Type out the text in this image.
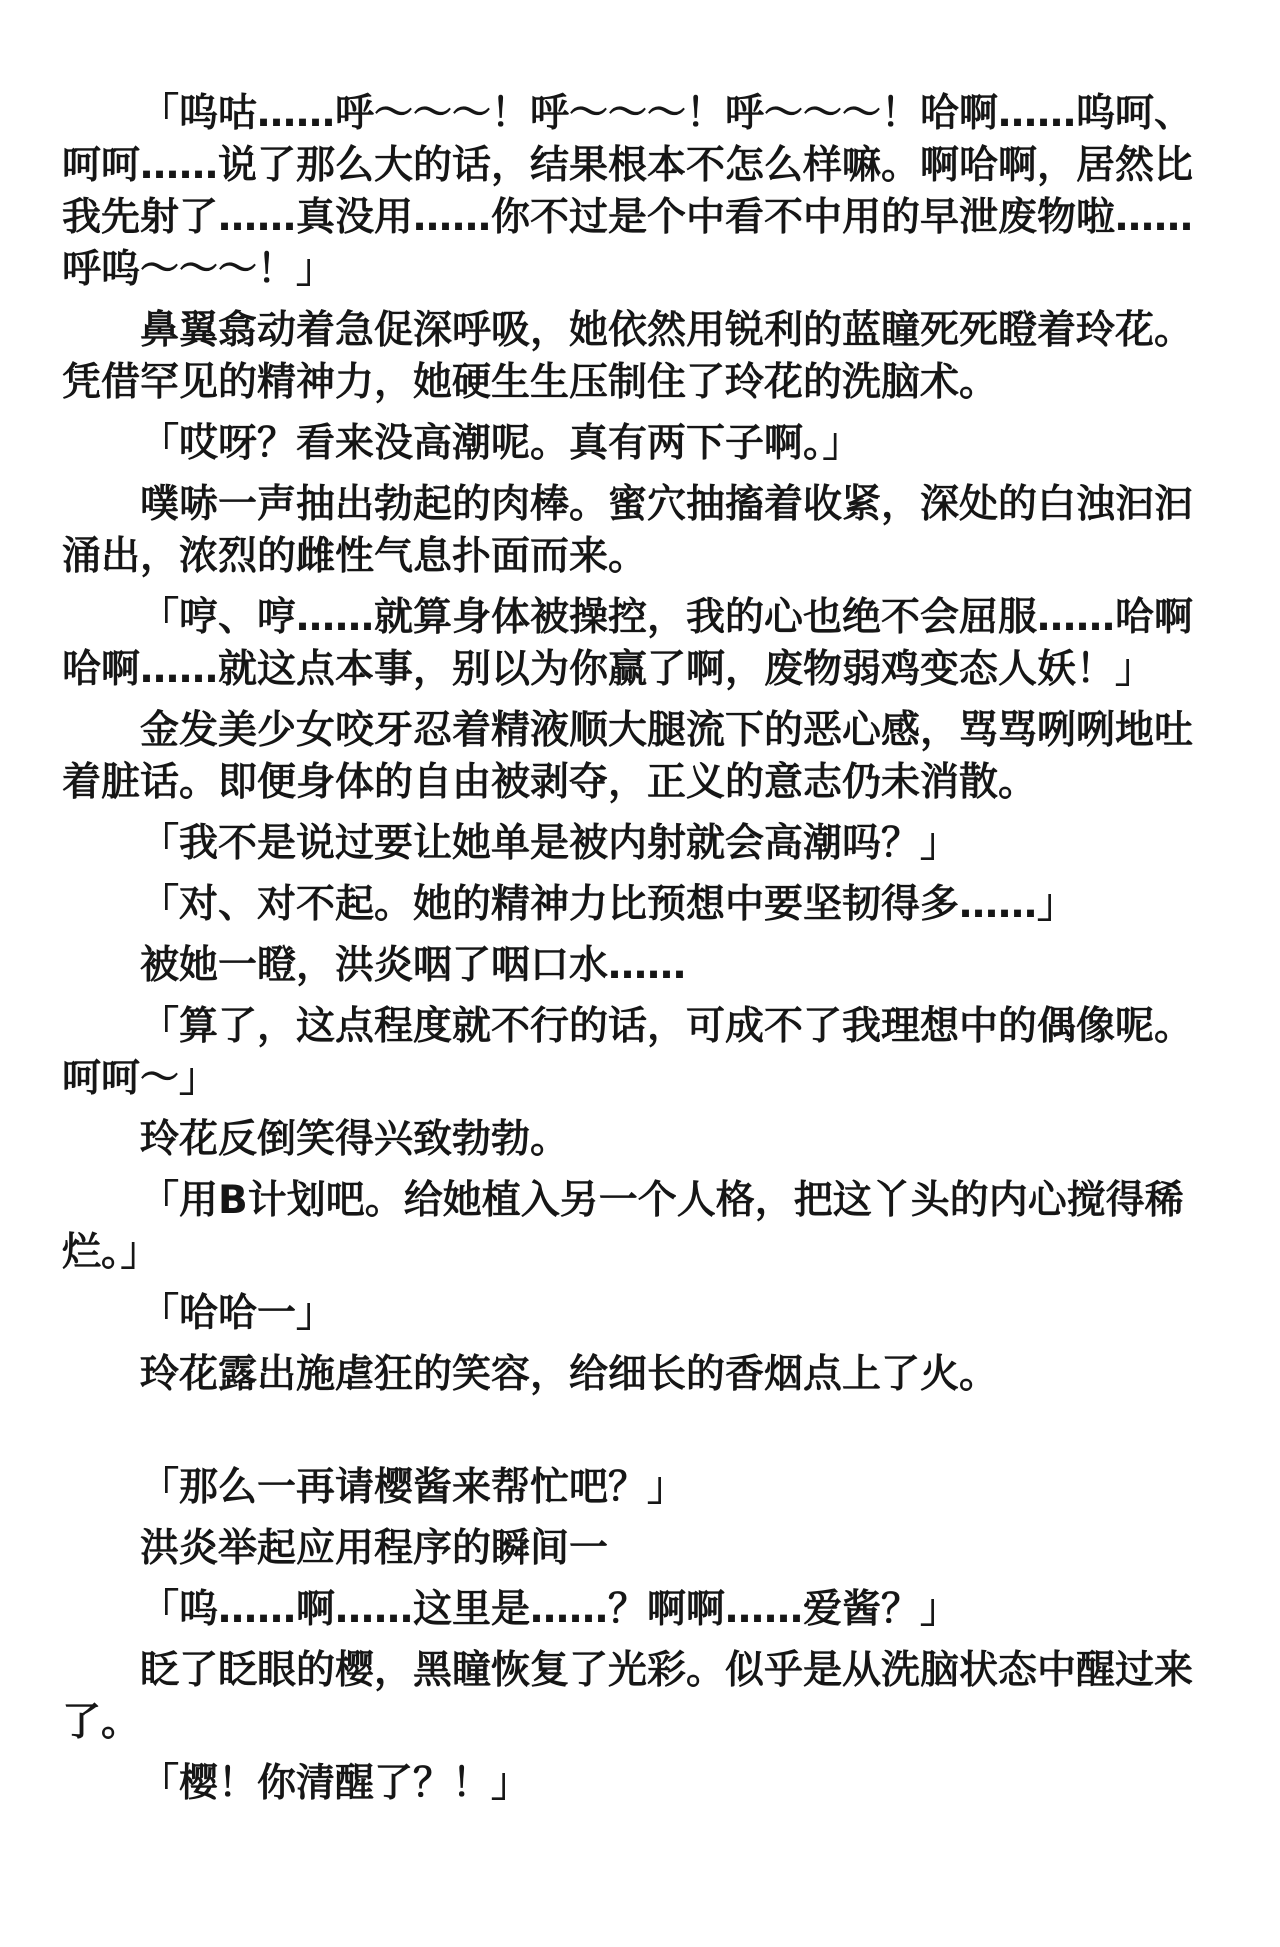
「呜咕……呼～～～！呼～～～！呼～～～！哈啊……呜呵、呵呵……说了那么大的话，结果根本不怎么样嘛。啊哈啊，居然比我先射了……真没用……你不过是个中看不中用的早泄废物啦……呼呜～～～！」

鼻翼翕动着急促深呼吸，她依然用锐利的蓝瞳死死瞪着玲花。凭借罕见的精神力，她硬生生压制住了玲花的洗脑术。

「哎呀？看来没高潮呢。真有两下子啊。」

噗哧一声抽出勃起的肉棒。蜜穴抽搐着收紧，深处的白浊汩汩涌出，浓烈的雌性气息扑面而来。

「哼、哼……就算身体被操控，我的心也绝不会屈服……哈啊哈啊……就这点本事，别以为你赢了啊，废物弱鸡变态人妖！」

金发美少女咬牙忍着精液顺大腿流下的恶心感，骂骂咧咧地吐着脏话。即便身体的自由被剥夺，正义的意志仍未消散。

「我不是说过要让她单是被内射就会高潮吗？」

「对、对不起。她的精神力比预想中要坚韧得多……」

被她一瞪，洪炎咽了咽口水……

「算了，这点程度就不行的话，可成不了我理想中的偶像呢。呵呵～」

玲花反倒笑得兴致勃勃。

「用B计划吧。给她植入另一个人格，把这丫头的内心搅得稀烂。」

「哈哈一」

玲花露出施虐狂的笑容，给细长的香烟点上了火。

「那么一再请樱酱来帮忙吧？」

洪炎举起应用程序的瞬间一

「呜……啊……这里是……？啊啊……爱酱？」

眨了眨眼的樱，黑瞳恢复了光彩。似乎是从洗脑状态中醒过来了。

「樱！你清醒了？！」
